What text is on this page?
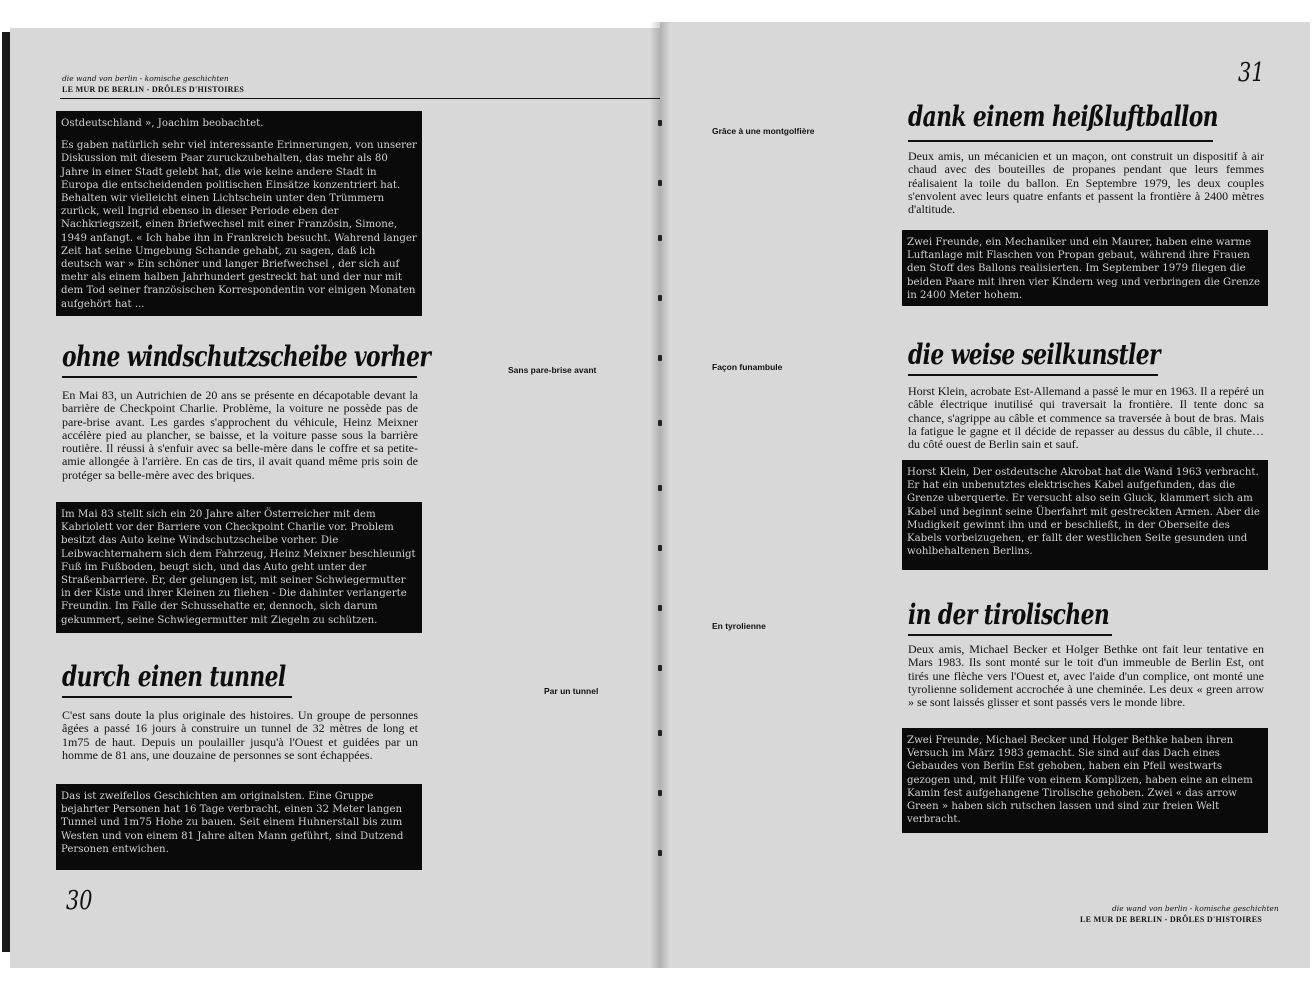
die wand von berlin - komische geschichten
LE MUR DE BERLIN - DRÔLES D'HISTOIRES

Ostdeutschland », Joachim beobachtet.

Es gaben natürlich sehr viel interessante Erinnerungen, von unserer Diskussion mit diesem Paar zuruckzubehalten, das mehr als 80 Jahre in einer Stadt gelebt hat, die wie keine andere Stadt in Europa die entscheidenden politischen Einsätze konzentriert hat. Behalten wir vielleicht einen Lichtschein unter den Trümmern zurück, weil Ingrid ebenso in dieser Periode eben der Nachkriegszeit, einen Briefwechsel mit einer Französin, Simone, 1949 anfangt. « Ich habe ihn in Frankreich besucht. Wahrend langer Zeit hat seine Umgebung Schande gehabt, zu sagen, daß ich deutsch war » Ein schöner und langer Briefwechsel , der sich auf mehr als einem halben Jahrhundert gestreckt hat und der nur mit dem Tod seiner französischen Korrespondentin vor einigen Monaten aufgehört hat ...

ohne windschutzscheibe vorher	Sans pare-brise avant
En Mai 83, un Autrichien de 20 ans se présente en décapotable devant la barrière de Checkpoint Charlie. Problème, la voiture ne possède pas de pare-brise avant. Les gardes s'approchent du véhicule, Heinz Meixner accélère pied au plancher, se baisse, et la voiture passe sous la barrière routière. Il réussi à s'enfuir avec sa belle-mère dans le coffre et sa petite-amie allongée à l'arrière. En cas de tirs, il avait quand même pris soin de protéger sa belle-mère avec des briques.

Im Mai 83 stellt sich ein 20 Jahre alter Österreicher mit dem Kabriolett vor der Barriere von Checkpoint Charlie vor. Problem besitzt das Auto keine Windschutzscheibe vorher. Die Leibwachternahern sich dem Fahrzeug, Heinz Meixner beschleunigt Fuß im Fußboden, beugt sich, und das Auto geht unter der Straßenbarriere. Er, der gelungen ist, mit seiner Schwiegermutter in der Kiste und ihrer Kleinen zu fliehen - Die dahinter verlangerte Freundin. Im Falle der Schussehatte er, dennoch, sich darum gekummert, seine Schwiegermutter mit Ziegeln zu schützen.

durch einen tunnel	Par un tunnel
C'est sans doute la plus originale des histoires. Un groupe de personnes âgées a passé 16 jours à construire un tunnel de 32 mètres de long et 1m75 de haut. Depuis un poulailler jusqu'à l'Ouest et guidées par un homme de 81 ans, une douzaine de personnes se sont échappées.

Das ist zweifellos Geschichten am originalsten. Eine Gruppe bejahrter Personen hat 16 Tage verbracht, einen 32 Meter langen Tunnel und 1m75 Hohe zu bauen. Seit einem Huhnerstall bis zum Westen und von einem 81 Jahre alten Mann geführt, sind Dutzend Personen entwichen.

30
31
dank einem heißluftballon
Grâce à une montgolfière
Deux amis, un mécanicien et un maçon, ont construit un dispositif à air chaud avec des bouteilles de propanes pendant que leurs femmes réalisaient la toile du ballon. En Septembre 1979, les deux couples s'envolent avec leurs quatre enfants et passent la frontière à 2400 mètres d'altitude.

Zwei Freunde, ein Mechaniker und ein Maurer, haben eine warme Luftanlage mit Flaschen von Propan gebaut, während ihre Frauen den Stoff des Ballons realisierten. Im September 1979 fliegen die beiden Paare mit ihren vier Kindern weg und verbringen die Grenze in 2400 Meter hohem.

die weise seilkunstler
Façon funambule
Horst Klein, acrobate Est-Allemand a passé le mur en 1963. Il a repéré un câble électrique inutilisé qui traversait la frontière. Il tente donc sa chance, s'agrippe au câble et commence sa traversée à bout de bras. Mais la fatigue le gagne et il décide de repasser au dessus du câble, il chute… du côté ouest de Berlin sain et sauf.

Horst Klein, Der ostdeutsche Akrobat hat die Wand 1963 verbracht. Er hat ein unbenutztes elektrisches Kabel aufgefunden, das die Grenze uberquerte. Er versucht also sein Gluck, klammert sich am Kabel und beginnt seine Überfahrt mit gestreckten Armen. Aber die Mudigkeit gewinnt ihn und er beschließt, in der Oberseite des Kabels vorbeizugehen, er fallt der westlichen Seite gesunden und wohlbehaltenen Berlins.

in der tirolischen
En tyrolienne
Deux amis, Michael Becker et Holger Bethke ont fait leur tentative en Mars 1983. Ils sont monté sur le toit d'un immeuble de Berlin Est, ont tirés une flèche vers l'Ouest et, avec l'aide d'un complice, ont monté une tyrolienne solidement accrochée à une cheminée. Les deux « green arrow » se sont laissés glisser et sont passés vers le monde libre.

Zwei Freunde, Michael Becker und Holger Bethke haben ihren Versuch im März 1983 gemacht. Sie sind auf das Dach eines Gebaudes von Berlin Est gehoben, haben ein Pfeil westwarts gezogen und, mit Hilfe von einem Komplizen, haben eine an einem Kamin fest aufgehangene Tirolische gehoben. Zwei « das arrow Green » haben sich rutschen lassen und sind zur freien Welt verbracht.

die wand von berlin - komische geschichten
LE MUR DE BERLIN - DRÔLES D'HISTOIRES
